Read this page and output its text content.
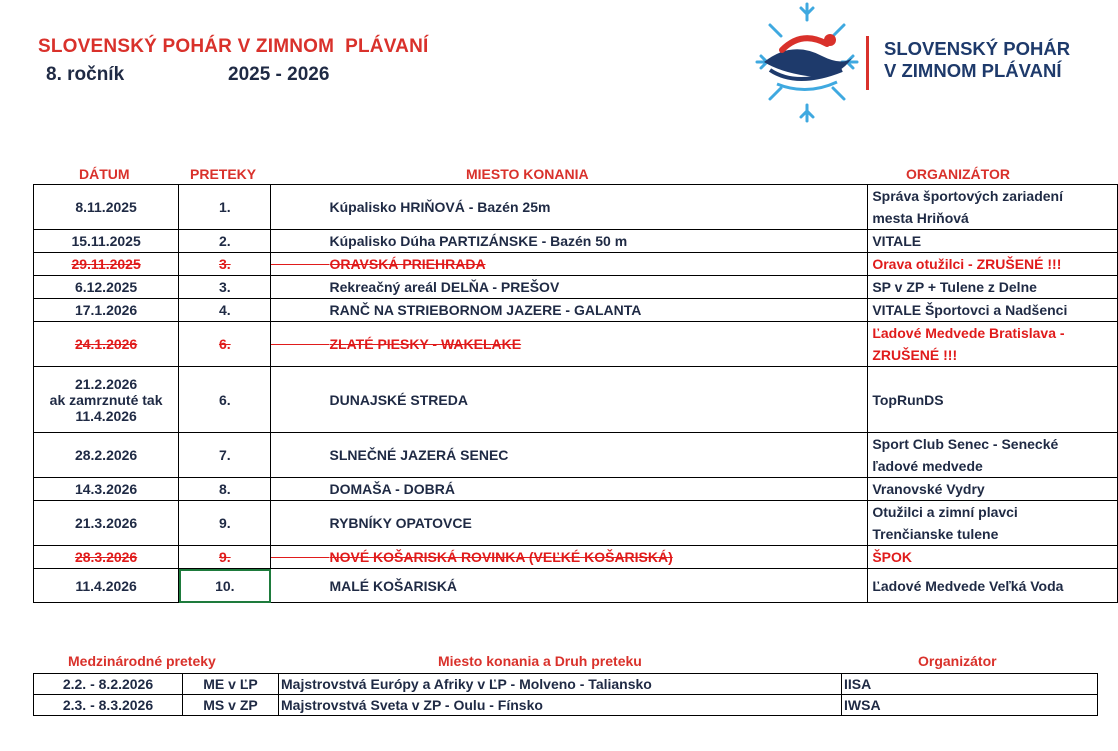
SLOVENSKÝ POHÁR V ZIMNOM  PLÁVANÍ
8. ročník	2025 - 2026
SLOVENSKÝ POHÁR
V ZIMNOM PLÁVANÍ
DÁTUM	PRETEKY	MIESTO KONANIA	ORGANIZÁTOR
8.11.2025	1.	Kúpalisko HRIŇOVÁ - Bazén 25m	Správa športových zariadení
mesta Hriňová

15.11.2025	2.	Kúpalisko Dúha PARTIZÁNSKE - Bazén 50 m	VITALE

29.11.2025	3.	ORAVSKÁ PRIEHRADA	Orava otužilci - ZRUŠENÉ !!!

6.12.2025	3.	Rekreačný areál DELŇA - PREŠOV	SP v ZP + Tulene z Delne

17.1.2026	4.	RANČ NA STRIEBORNOM JAZERE - GALANTA	VITALE Športovci a Nadšenci

24.1.2026	6.	ZLATÉ PIESKY - WAKELAKE	Ľadové Medvede Bratislava -
ZRUŠENÉ !!!

21.2.2026
ak zamrznuté tak
11.4.2026	6.	DUNAJSKÉ STREDA	TopRunDS

28.2.2026	7.	SLNEČNÉ JAZERÁ SENEC	Sport Club Senec - Senecké
ľadové medvede

14.3.2026	8.	DOMAŠA - DOBRÁ	Vranovské Vydry

21.3.2026	9.	RYBNÍKY OPATOVCE	Otužilci a zimní plavci
Trenčianske tulene

28.3.2026	9.	NOVÉ KOŠARISKÁ ROVINKA (VEĽKÉ KOŠARISKÁ)	ŠPOK

11.4.2026	10.	MALÉ KOŠARISKÁ	Ľadové Medvede Veľká Voda
Medzinárodné preteky	Miesto konania a Druh preteku	Organizátor
2.2. - 8.2.2026	ME v ĽP	Majstrovstvá Európy a Afriky v ĽP - Molveno - Taliansko	IISA
2.3. - 8.3.2026	MS v ZP	Majstrovstvá Sveta v ZP - Oulu - Fínsko	IWSA
